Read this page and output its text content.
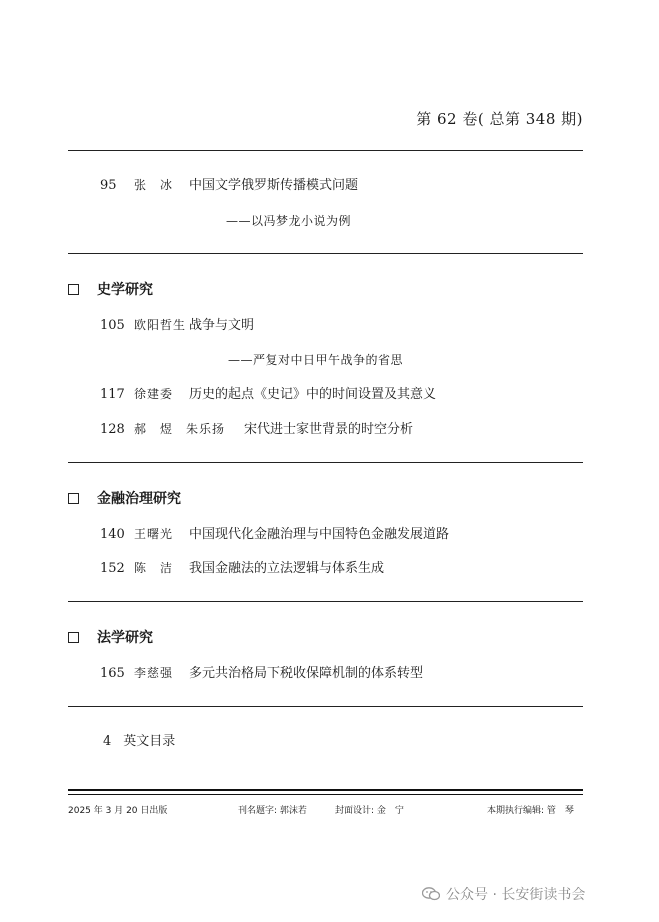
第 62 卷( 总第 348 期)
95 张　冰 中国文学俄罗斯传播模式问题
——以冯梦龙小说为例
史学研究
105 欧阳哲生 战争与文明
——严复对中日甲午战争的省思
117 徐建委 历史的起点《史记》中的时间设置及其意义
128 郝　煜　朱乐扬 宋代进士家世背景的时空分析
金融治理研究
140 王曙光 中国现代化金融治理与中国特色金融发展道路
152 陈　洁 我国金融法的立法逻辑与体系生成
法学研究
165 李慈强 多元共治格局下税收保障机制的体系转型
4 英文目录
2025 年 3 月 20 日出版	刊名题字: 郭沫若	封面设计: 金　宁	本期执行编辑: 管　琴
公众号 · 长安街读书会
